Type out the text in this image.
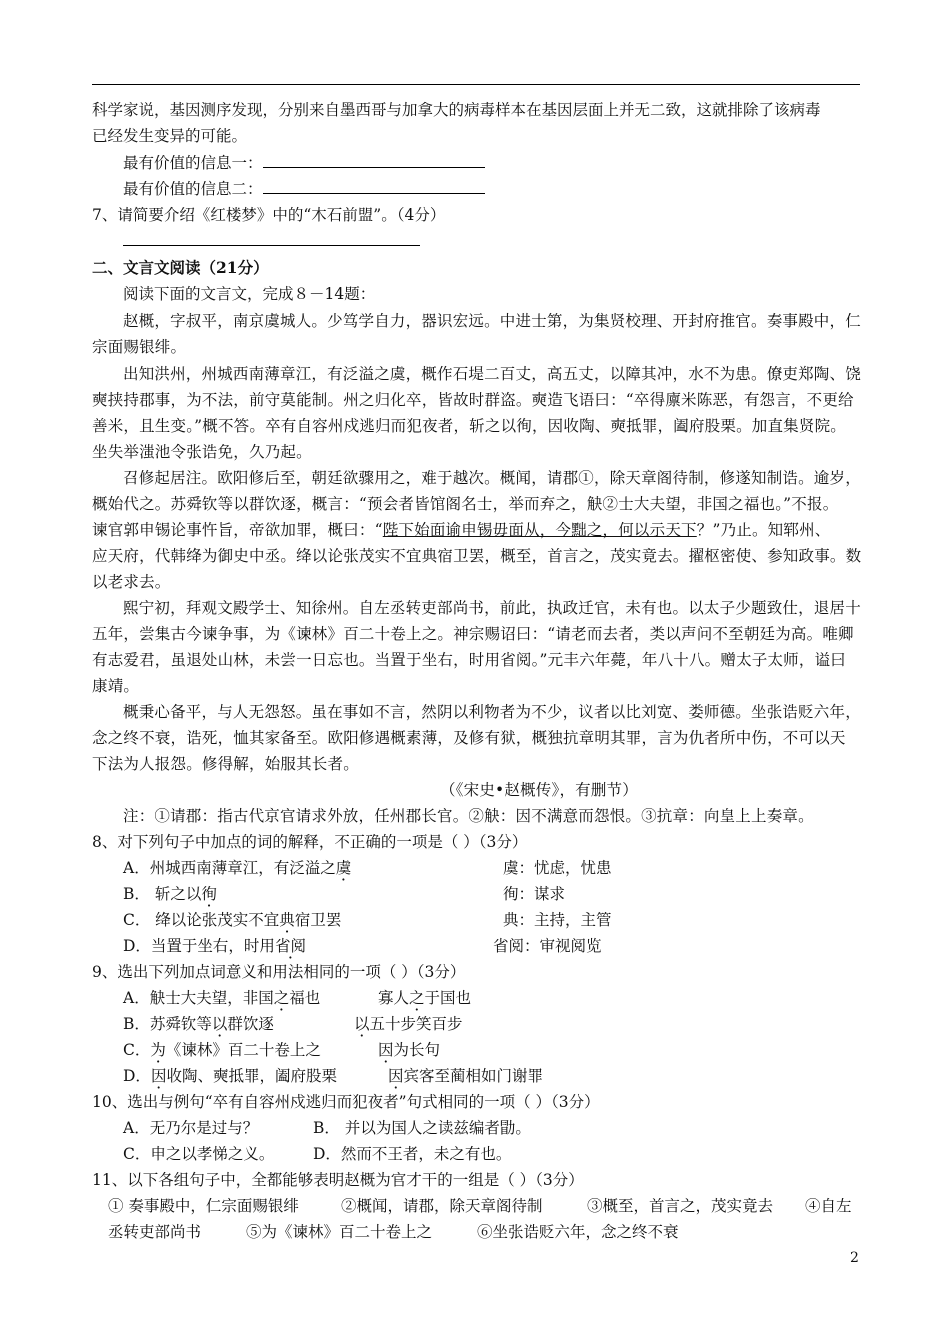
科学家说，基因测序发现，分别来自墨西哥与加拿大的病毒样本在基因层面上并无二致，这就排除了该病毒
已经发生变异的可能。
最有价值的信息一：
最有价值的信息二：
7、请简要介绍《红楼梦》中的“木石前盟”。（4分）
二、文言文阅读（21分）
阅读下面的文言文，完成８－14题：
赵概，字叔平，南京虞城人。少笃学自力，器识宏远。中进士第，为集贤校理、开封府推官。奏事殿中，仁
宗面赐银绯。
出知洪州，州城西南薄章江，有泛溢之虞，概作石堤二百丈，高五丈，以障其冲，水不为患。僚吏郑陶、饶
奭挟持郡事，为不法，前守莫能制。州之归化卒，皆故时群盗。奭造飞语曰：“卒得廪米陈恶，有怨言，不更给
善米，且生变。”概不答。卒有自容州戍逃归而犯夜者，斩之以徇，因收陶、奭抵罪，阖府股栗。加直集贤院。
坐失举滍池令张诰免，久乃起。
召修起居注。欧阳修后至，朝廷欲骤用之，难于越次。概闻，请郡①，除天章阁待制，修遂知制诰。逾岁，
概始代之。苏舜钦等以群饮逐，概言：“预会者皆馆阁名士，举而弃之，觖②士大夫望，非国之福也。”不报。
谏官郭申锡论事忤旨，帝欲加罪，概曰：“陛下始面谕申锡毋面从，今黜之，何以示天下？”乃止。知郓州、
应天府，代韩绛为御史中丞。绛以论张茂实不宜典宿卫罢，概至，首言之，茂实竟去。擢枢密使、参知政事。数
以老求去。
熙宁初，拜观文殿学士、知徐州。自左丞转吏部尚书，前此，执政迁官，未有也。以太子少题致仕，退居十
五年，尝集古今谏争事，为《谏林》百二十卷上之。神宗赐诏曰：“请老而去者，类以声问不至朝廷为高。唯卿
有志爱君，虽退处山林，未尝一日忘也。当置于坐右，时用省阅。”元丰六年薨，年八十八。赠太子太师，谥曰
康靖。
概秉心备平，与人无怨怒。虽在事如不言，然阴以利物者为不少，议者以比刘宽、娄师德。坐张诰贬六年，
念之终不衰，诰死，恤其家备至。欧阳修遇概素薄，及修有狱，概独抗章明其罪，言为仇者所中伤，不可以天
下法为人报怨。修得解，始服其长者。
（《宋史•赵概传》，有删节）
注：①请郡：指古代京官请求外放，任州郡长官。②觖：因不满意而怨恨。③抗章：向皇上上奏章。
8、对下列句子中加点的词的解释，不正确的一项是（ ）（3分）
A．州城西南薄章江，有泛溢之虞	虞：忧虑，忧患
B． 斩之以徇	徇：谋求
C． 绛以论张茂实不宜典宿卫罢	典：主持，主管
D．当置于坐右，时用省阅	省阅：审视阅览
9、选出下列加点词意义和用法相同的一项（ ）（3分）
A．觖士大夫望，非国之福也	寡人之于国也
B．苏舜钦等以群饮逐	以五十步笑百步
C．为《谏林》百二十卷上之	因为长句
D．因收陶、奭抵罪，阖府股栗	因宾客至蔺相如门谢罪
10、选出与例句“卒有自容州戍逃归而犯夜者”句式相同的一项（ ）（3分）
A．无乃尔是过与？	B． 并以为国人之读兹编者勖。
C．申之以孝悌之义。 D．然而不王者，未之有也。
11、以下各组句子中，全都能够表明赵概为官才干的一组是（ ）（3分）
① 奏事殿中，仁宗面赐银绯	②概闻，请郡，除天章阁待制	③概至，首言之，茂实竟去 ④自左
丞转吏部尚书	⑤为《谏林》百二十卷上之	⑥坐张诰贬六年，念之终不衰
2
